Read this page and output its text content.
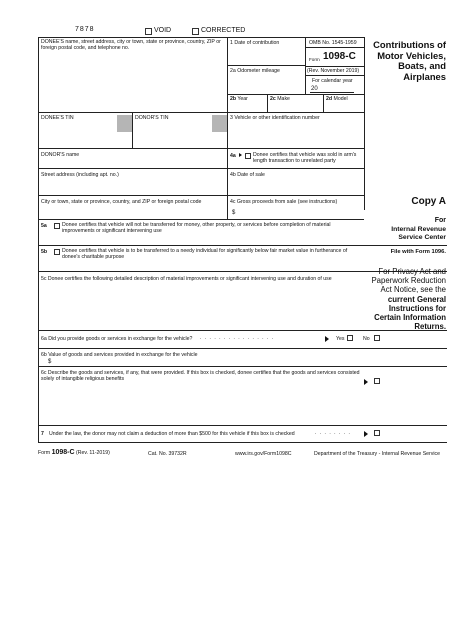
7878	VOID	CORRECTED
DONEE'S name, street address, city or town, state or province, country, ZIP or foreign postal code, and telephone no.
DONEE'S TIN	DONOR'S TIN
DONOR'S name
Street address (including apt. no.)
City or town, state or province, country, and ZIP or foreign postal code
1 Date of contribution
2a Odometer mileage
2b Year	2c Make	2d Model
3 Vehicle or other identification number
4a	Donee certifies that vehicle was sold in arm's length transaction to unrelated party
4b Date of sale
4c Gross proceeds from sale (see instructions)
$
OMB No. 1545-1959
Form 1098-C
(Rev. November 2019)
For calendar year
20
Contributions of Motor Vehicles, Boats, and Airplanes
Copy A
For
Internal Revenue Service Center
File with Form 1096.
For Privacy Act and Paperwork Reduction Act Notice, see the current General Instructions for Certain Information Returns.
5a	Donee certifies that vehicle will not be transferred for money, other property, or services before completion of material improvements or significant intervening use
5b	Donee certifies that vehicle is to be transferred to a needy individual for significantly below fair market value in furtherance of donee's charitable purpose
5c Donee certifies the following detailed description of material improvements or significant intervening use and duration of use
6a Did you provide goods or services in exchange for the vehicle? . . . . . . . . . . . . . . . .	Yes	No
6b Value of goods and services provided in exchange for the vehicle
$
6c Describe the goods and services, if any, that were provided. If this box is checked, donee certifies that the goods and services consisted solely of intangible religious benefits
7 Under the law, the donor may not claim a deduction of more than $500 for this vehicle if this box is checked	. . . . . . . .
Form 1098-C (Rev. 11-2019)	Cat. No. 39732R	www.irs.gov/Form1098C	Department of the Treasury - Internal Revenue Service
